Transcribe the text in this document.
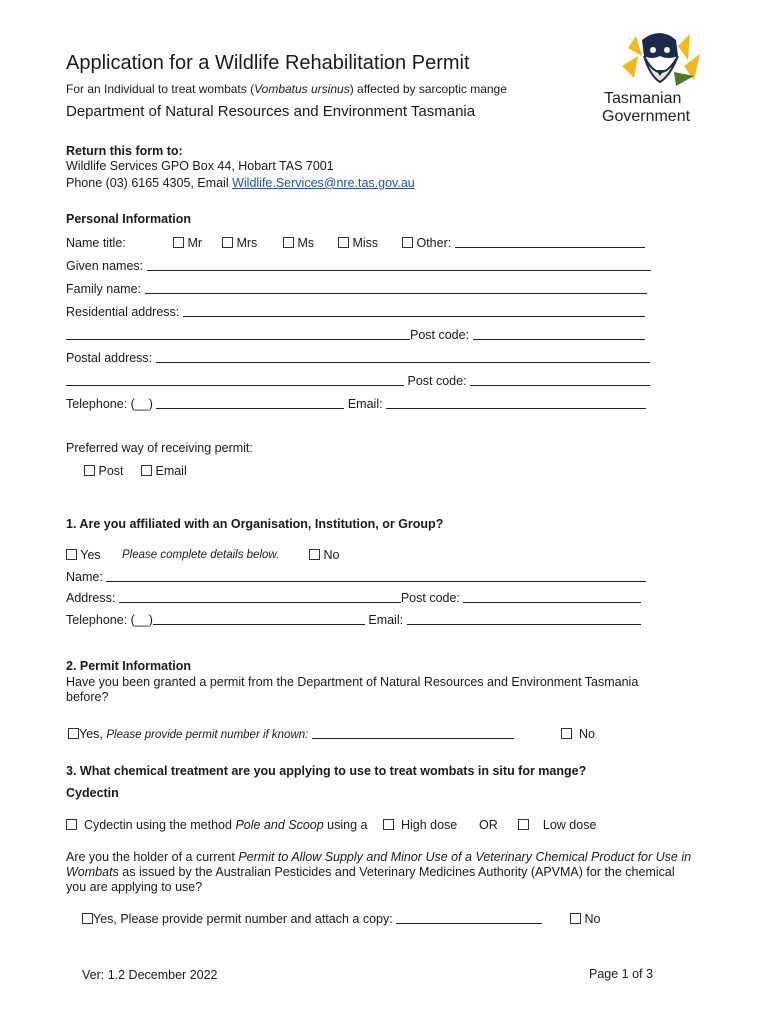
Application for a Wildlife Rehabilitation Permit
For an Individual to treat wombats (Vombatus ursinus) affected by sarcoptic mange
Department of Natural Resources and Environment Tasmania
Tasmanian
Government
Return this form to:
Wildlife Services GPO Box 44, Hobart TAS 7001
Phone (03) 6165 4305, Email Wildlife.Services@nre.tas.gov.au
Personal Information
Name title:	Mr	Mrs	Ms	Miss	Other:
Given names:
Family name:
Residential address:
Post code:
Postal address:
Post code:
Telephone: (__)	Email:
Preferred way of receiving permit:
Post	Email
1. Are you affiliated with an Organisation, Institution, or Group?
Yes Please complete details below.	No
Name:
Address:	Post code:
Telephone: (__)	Email:
2. Permit Information
Have you been granted a permit from the Department of Natural Resources and Environment Tasmania
before?
Yes, Please provide permit number if known:	No
3. What chemical treatment are you applying to use to treat wombats in situ for mange?
Cydectin
Cydectin using the method Pole and Scoop using a	High dose OR	Low dose
Are you the holder of a current Permit to Allow Supply and Minor Use of a Veterinary Chemical Product for Use in
Wombats as issued by the Australian Pesticides and Veterinary Medicines Authority (APVMA) for the chemical
you are applying to use?
Yes, Please provide permit number and attach a copy:	No
Ver: 1.2 December 2022	Page 1 of 3
